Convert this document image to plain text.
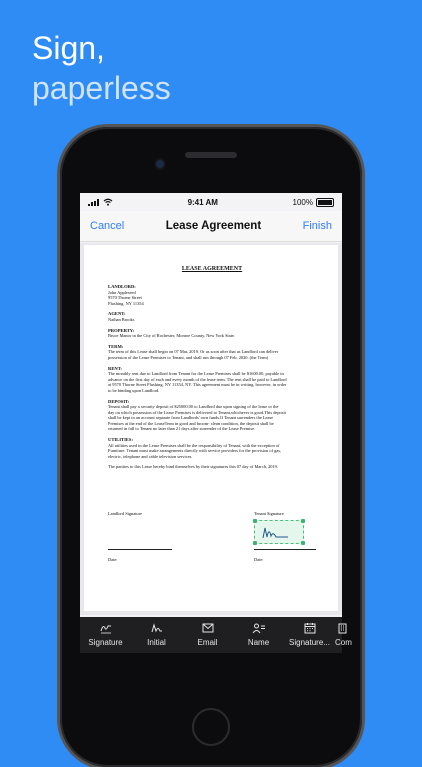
Sign,
paperless
9:41 AM	100%
Cancel	Lease Agreement	Finish
LEASE AGREEMENT
LANDLORD:
John Appleseed
9570 Thorne Street
Flushing, NY 11354
AGENT:
Nathan Brooks
PROPERTY:
Bruce Manor in the City of Rochester, Monroe County, New York State.
TERM:
The term of this Lease shall begin on 07 Mar, 2019. Or as soon after that as Landlord can deliver
possession of the Lease Premises to Tenant, and shall run through 07 Feb, 2020. (the Term)
RENT:
The monthly rent due to Landlord from Tenant for the Lease Premises shall be $1600.00, payable in
advance on the first day of each and every month of the lease term. The rent shall be paid to Landlord
at 9570 Thorne Street Flushing, NY 11354, NY. This agreement must be in writing, however, in order
to be binding upon Landlord.
DEPOSIT:
Tenant shall pay a security deposit of $25000.00 to Landlord due upon signing of the lease or the
day on which possession of the Lease Premises is delivered to Tenant,whichever is good.This deposit
shall be kept in an account separate from Landlords' own funds.If Tenant surrenders the Lease
Premises at the end of the LeaseTerm in good and broom- clean condition, the deposit shall be
returned in full to Tenant no later than 21 days after surrender of the Lease Premise.
UTILITIES:
All utilities used in the Lease Premises shall be the responsibility of Tenant, with the exception of
Furniture. Tenant must make arrangements directly with service providers for the provision of gas,
electric, telephone and cable television services.
The partties to this Lease hereby bind themselves by their signatures this 07 day of March, 2019.
Landlord Signature
Date:
Tenant Signature
Date:
Signature	Initial	Email	Name Signature... Com
